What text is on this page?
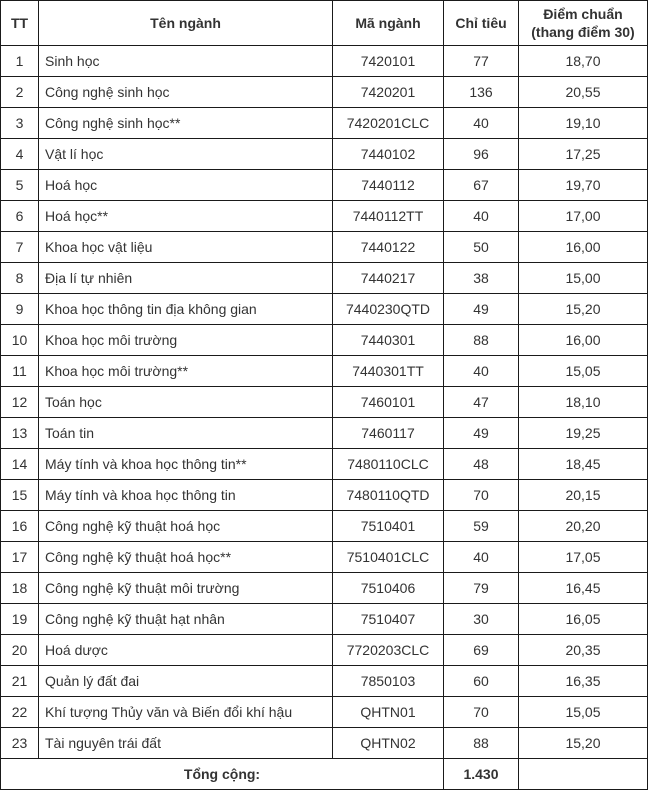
TT	Tên ngành	Mã ngành	Chỉ tiêu	Điểm chuẩn
(thang điểm 30)

1	Sinh học	7420101	77	18,70
2	Công nghệ sinh học	7420201	136	20,55
3	Công nghệ sinh học**	7420201CLC	40	19,10
4	Vật lí học	7440102	96	17,25
5	Hoá học	7440112	67	19,70
6	Hoá học**	7440112TT	40	17,00
7	Khoa học vật liệu	7440122	50	16,00
8	Địa lí tự nhiên	7440217	38	15,00
9	Khoa học thông tin địa không gian	7440230QTD	49	15,20
10	Khoa học môi trường	7440301	88	16,00
11	Khoa học môi trường**	7440301TT	40	15,05
12	Toán học	7460101	47	18,10
13	Toán tin	7460117	49	19,25
14	Máy tính và khoa học thông tin**	7480110CLC	48	18,45
15	Máy tính và khoa học thông tin	7480110QTD	70	20,15
16	Công nghệ kỹ thuật hoá học	7510401	59	20,20
17	Công nghệ kỹ thuật hoá học**	7510401CLC	40	17,05
18	Công nghệ kỹ thuật môi trường	7510406	79	16,45
19	Công nghệ kỹ thuật hạt nhân	7510407	30	16,05
20	Hoá dược	7720203CLC	69	20,35
21	Quản lý đất đai	7850103	60	16,35
22	Khí tượng Thủy văn và Biến đổi khí hậu	QHTN01	70	15,05
23	Tài nguyên trái đất	QHTN02	88	15,20
Tổng cộng:			1.430	
